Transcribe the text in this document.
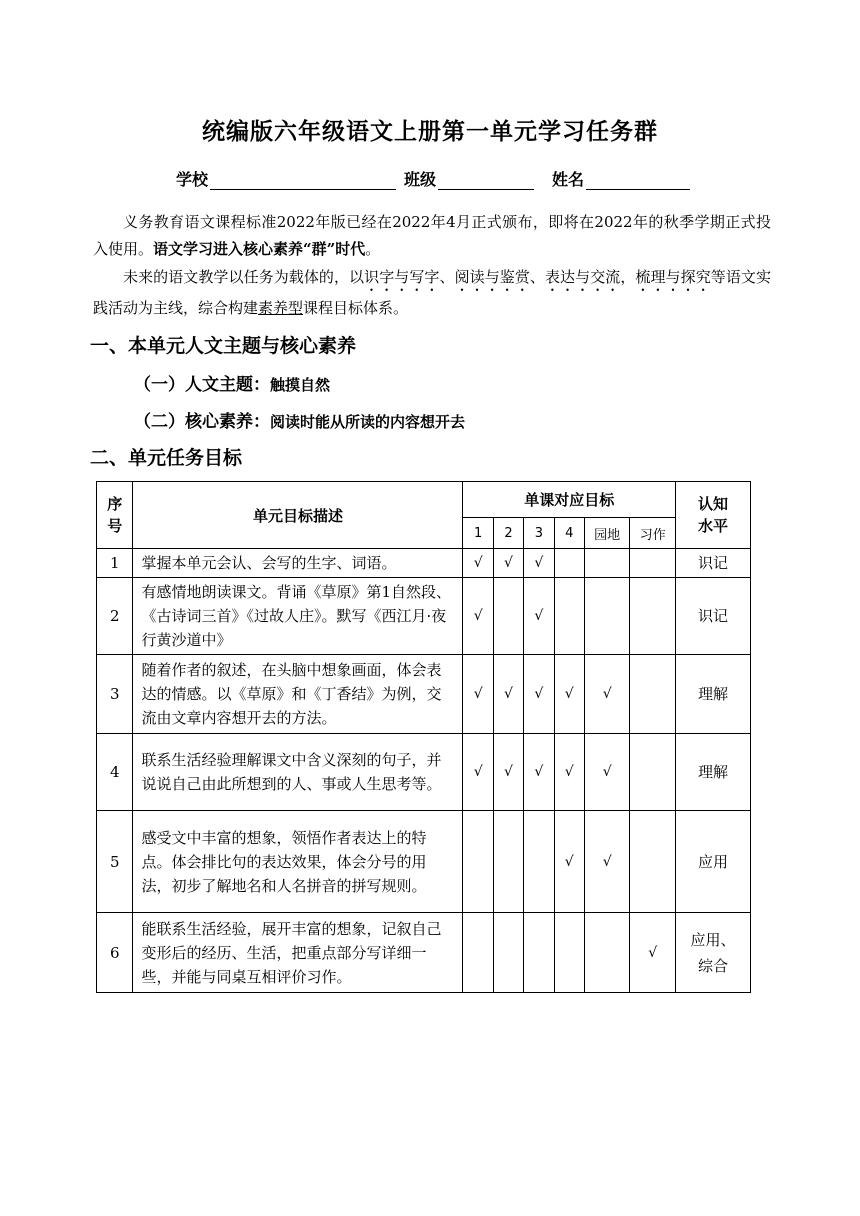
统编版六年级语文上册第一单元学习任务群
学校	班级	姓名
义务教育语文课程标准2022年版已经在2022年4月正式颁布，即将在2022年的秋季学期正式投入使用。语文学习进入核心素养“群”时代。
未来的语文教学以任务为载体的，以识字与写字、阅读与鉴赏、表达与交流，梳理与探究等语文实践活动为主线，综合构建素养型课程目标体系。
一、本单元人文主题与核心素养
（一）人文主题：触摸自然
（二）核心素养：阅读时能从所读的内容想开去
二、单元任务目标
序号	单元目标描述	单课对应目标						认知水平
		1	2	3	4	园地	习作	
1	掌握本单元会认、会写的生字、词语。	√	√	√				识记
2	有感情地朗读课文。背诵《草原》第1自然段、《古诗词三首》《过故人庄》。默写《西江月·夜行黄沙道中》	√		√				识记
3	随着作者的叙述，在头脑中想象画面，体会表达的情感。以《草原》和《丁香结》为例，交流由文章内容想开去的方法。	√	√	√	√	√		理解
4	联系生活经验理解课文中含义深刻的句子，并说说自己由此所想到的人、事或人生思考等。	√	√	√	√	√		理解
5	感受文中丰富的想象，领悟作者表达上的特点。体会排比句的表达效果，体会分号的用法，初步了解地名和人名拼音的拼写规则。				√	√		应用
6	能联系生活经验，展开丰富的想象，记叙自己变形后的经历、生活，把重点部分写详细一些，并能与同桌互相评价习作。						√	应用、综合
